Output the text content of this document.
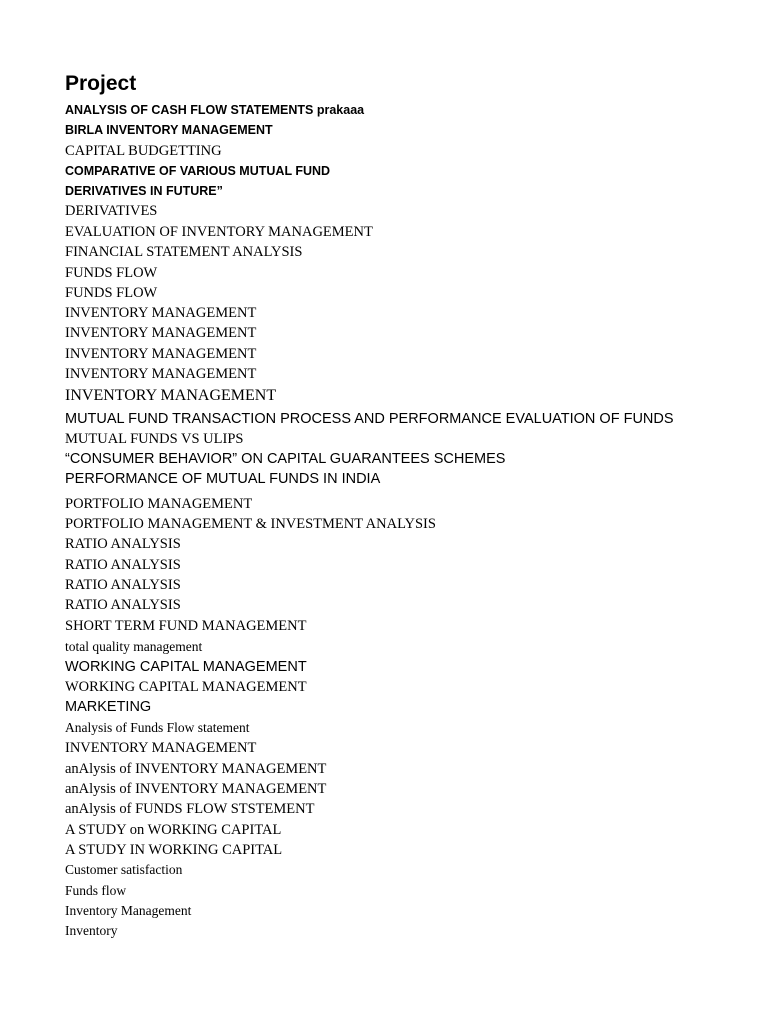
Project
ANALYSIS OF CASH FLOW STATEMENTS prakaaa
BIRLA INVENTORY MANAGEMENT
CAPITAL BUDGETTING
COMPARATIVE OF VARIOUS MUTUAL FUND
DERIVATIVES IN FUTURE”
DERIVATIVES
EVALUATION OF INVENTORY MANAGEMENT
FINANCIAL STATEMENT ANALYSIS
FUNDS FLOW
FUNDS FLOW
INVENTORY MANAGEMENT
INVENTORY MANAGEMENT
INVENTORY MANAGEMENT
INVENTORY MANAGEMENT
INVENTORY MANAGEMENT
MUTUAL FUND TRANSACTION PROCESS AND PERFORMANCE EVALUATION OF FUNDS
MUTUAL FUNDS VS ULIPS
“CONSUMER BEHAVIOR” ON CAPITAL GUARANTEES SCHEMES
PERFORMANCE OF MUTUAL FUNDS IN INDIA
PORTFOLIO MANAGEMENT
PORTFOLIO MANAGEMENT & INVESTMENT ANALYSIS
RATIO ANALYSIS
RATIO ANALYSIS
RATIO ANALYSIS
RATIO ANALYSIS
SHORT TERM FUND MANAGEMENT
total quality management
WORKING CAPITAL MANAGEMENT
WORKING CAPITAL MANAGEMENT
MARKETING
Analysis of Funds Flow statement
INVENTORY MANAGEMENT
anAlysis of INVENTORY MANAGEMENT
anAlysis of INVENTORY MANAGEMENT
anAlysis of FUNDS FLOW STSTEMENT
A STUDY on WORKING CAPITAL
A STUDY IN WORKING CAPITAL
Customer satisfaction
Funds flow
Inventory Management
Inventory
